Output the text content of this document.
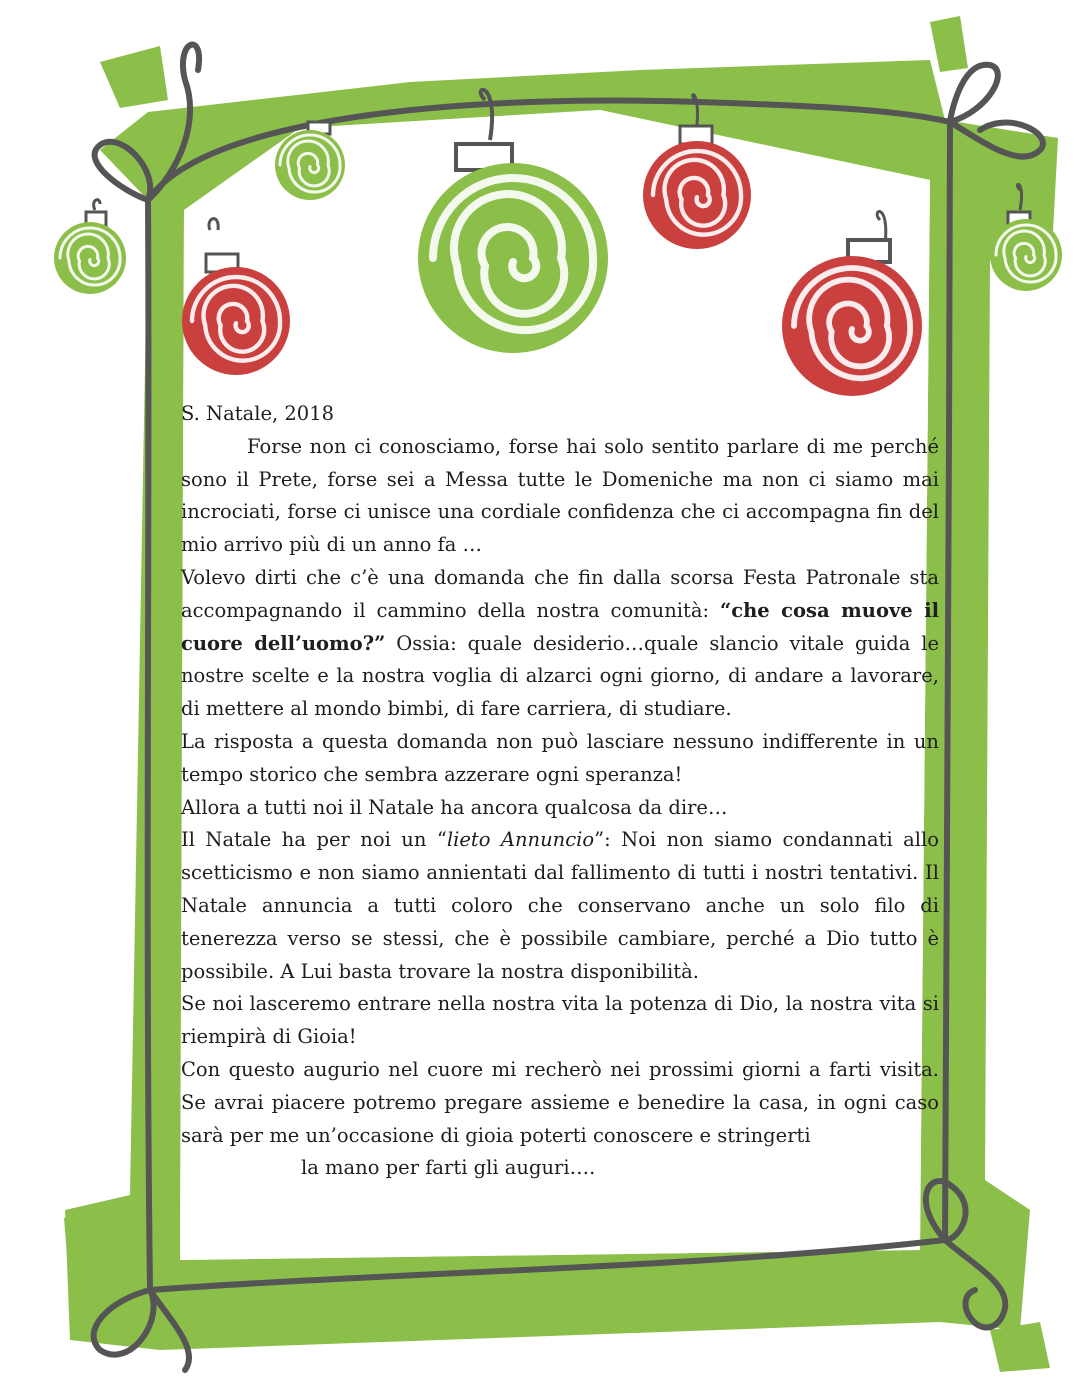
S. Natale, 2018

Forse non ci conosciamo, forse hai solo sentito parlare di me perché sono il Prete, forse sei a Messa tutte le Domeniche ma non ci siamo mai incrociati, forse ci unisce una cordiale confidenza che ci accompagna fin del mio arrivo più di un anno fa …

Volevo dirti che c’è una domanda che fin dalla scorsa Festa Patronale sta accompagnando il cammino della nostra comunità: “che cosa muove il cuore dell’uomo?” Ossia: quale desiderio…quale slancio vitale guida le nostre scelte e la nostra voglia di alzarci ogni giorno, di andare a lavorare, di mettere al mondo bimbi, di fare carriera, di studiare.

La risposta a questa domanda non può lasciare nessuno indifferente in un tempo storico che sembra azzerare ogni speranza!

Allora a tutti noi il Natale ha ancora qualcosa da dire…

Il Natale ha per noi un “lieto Annuncio”: Noi non siamo condannati allo scetticismo e non siamo annientati dal fallimento di tutti i nostri tentativi. Il Natale annuncia a tutti coloro che conservano anche un solo filo di tenerezza verso se stessi, che è possibile cambiare, perché a Dio tutto è possibile. A Lui basta trovare la nostra disponibilità.

Se noi lasceremo entrare nella nostra vita la potenza di Dio, la nostra vita si riempirà di Gioia!

Con questo augurio nel cuore mi recherò nei prossimi giorni a farti visita. Se avrai piacere potremo pregare assieme e benedire la casa, in ogni caso sarà per me un’occasione di gioia poterti conoscere e stringerti

la mano per farti gli auguri….
